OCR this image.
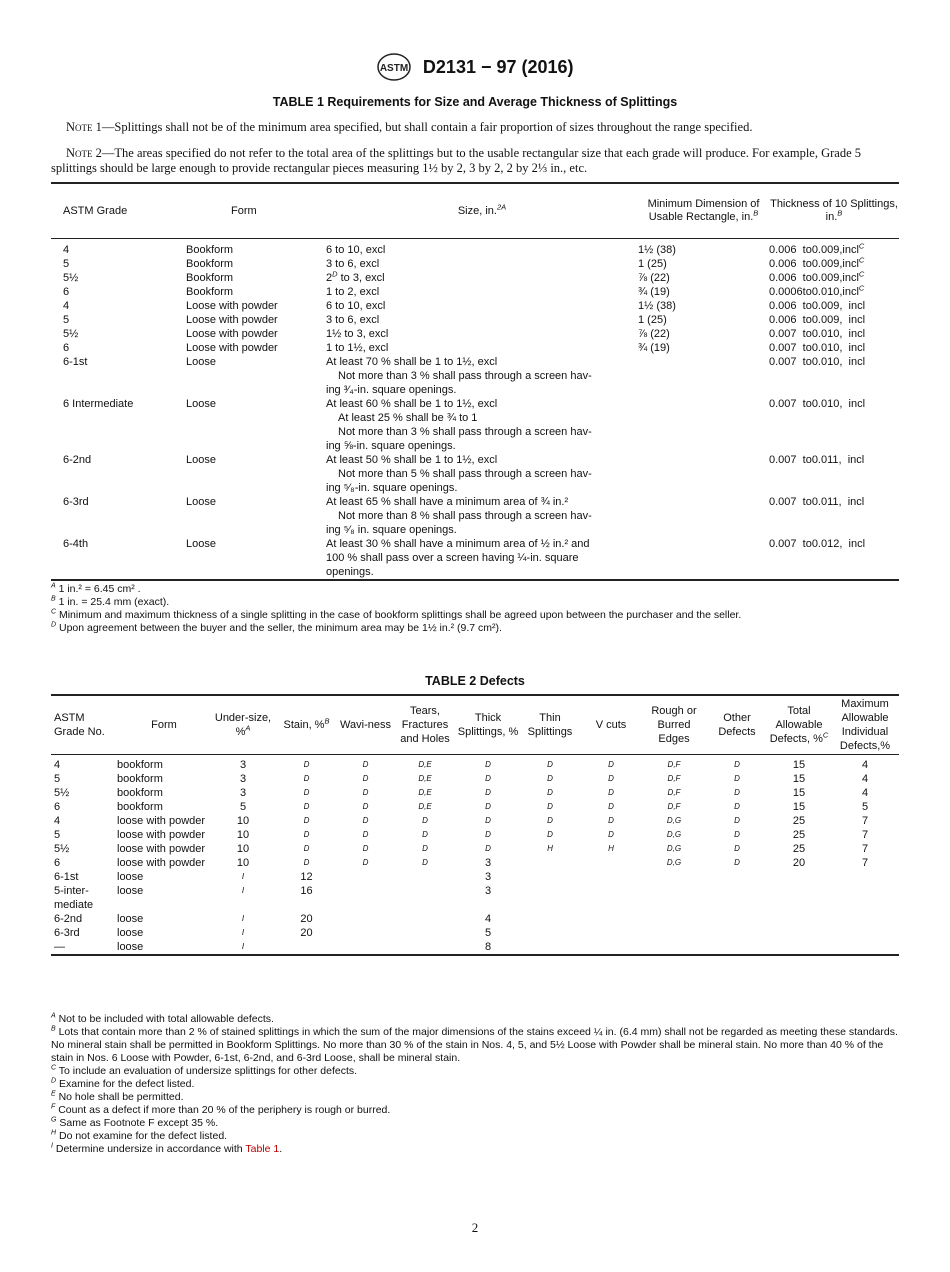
ASTM D2131 − 97 (2016)
TABLE 1 Requirements for Size and Average Thickness of Splittings
Note 1—Splittings shall not be of the minimum area specified, but shall contain a fair proportion of sizes throughout the range specified.
Note 2—The areas specified do not refer to the total area of the splittings but to the usable rectangular size that each grade will produce. For example, Grade 5 splittings should be large enough to provide rectangular pieces measuring 1½ by 2, 3 by 2, 2 by 2⅓ in., etc.
ASTM Grade	Form	Size, in.$^{2A}$	Minimum Dimension of Usable Rectangle, in.$^B$	Thickness of 10 Splittings, in.$^B$
4	Bookform	6 to 10, excl	1½ (38)	0.006  to0.009,incl$^C$
5	Bookform	3 to 6, excl	1 (25)	0.006  to0.009,incl$^C$
5½	Bookform	$2^D$ to 3, excl	⅞ (22)	0.006  to0.009,incl$^C$
6	Bookform	1 to 2, excl	¾ (19)	0.0006to0.010,incl$^C$
4	Loose with powder	6 to 10, excl	1½ (38)	0.006  to0.009,  incl
5	Loose with powder	3 to 6, excl	1 (25)	0.006  to0.009,  incl
5½	Loose with powder	1½ to 3, excl	⅞ (22)	0.007  to0.010,  incl
6	Loose with powder	1 to 1½, excl	¾ (19)	0.007  to0.010,  incl
6-1st	Loose	At least 70 % shall be 1 to 1½, excl
Not more than 3 % shall pass through a screen hav-
ing ³⁄₄-in. square openings.		0.007  to0.010,  incl
6 Intermediate	Loose	At least 60 % shall be 1 to 1½, excl
At least 25 % shall be ¾ to 1
Not more than 3 % shall pass through a screen hav-
ing ⅝-in. square openings.		0.007  to0.010,  incl
6-2nd	Loose	At least 50 % shall be 1 to 1½, excl
Not more than 5 % shall pass through a screen hav-
ing ⁵⁄₈-in. square openings.		0.007  to0.011,  incl
6-3rd	Loose	At least 65 % shall have a minimum area of ¾ in.²
Not more than 8 % shall pass through a screen hav-
ing ⁵⁄₈ in. square openings.		0.007  to0.011,  incl
6-4th	Loose	At least 30 % shall have a minimum area of ½ in.² and
100 % shall pass over a screen having ¼-in. square
openings.		0.007  to0.012,  incl

$^A$ 1 in.² = 6.45 cm² .

$^B$ 1 in. = 25.4 mm (exact).

$^C$ Minimum and maximum thickness of a single splitting in the case of bookform splittings shall be agreed upon between the purchaser and the seller.

$^D$ Upon agreement between the buyer and the seller, the minimum area may be 1½ in.² (9.7 cm²).

TABLE 2 Defects
ASTM Grade No.	Form	Under-size, %$^A$	Stain, %$^B$	Wavi-ness	Tears, Fractures and Holes	Thick Splittings, %	Thin Splittings	V cuts	Rough or Burred Edges	Other Defects	Total Allowable Defects, %$^C$	Maximum Allowable Individual Defects,%
4	bookform	3	D	D	D,E	D	D	D	D,F	D	15	4
5	bookform	3	D	D	D,E	D	D	D	D,F	D	15	4
5½	bookform	3	D	D	D,E	D	D	D	D,F	D	15	4
6	bookform	5	D	D	D,E	D	D	D	D,F	D	15	5
4	loose with powder	10	D	D	D	D	D	D	D,G	D	25	7
5	loose with powder	10	D	D	D	D	D	D	D,G	D	25	7
5½	loose with powder	10	D	D	D	D	H	H	D,G	D	25	7
6	loose with powder	10	D	D	D	3			D,G	D	20	7
6-1st	loose	I	12			3						
5-inter-mediate	loose	I	16			3						
6-2nd	loose	I	20			4						
6-3rd	loose	I	20			5						
—	loose	I				8						

$^A$ Not to be included with total allowable defects.

$^B$ Lots that contain more than 2 % of stained splittings in which the sum of the major dimensions of the stains exceed ¼ in. (6.4 mm) shall not be regarded as meeting these standards. No mineral stain shall be permitted in Bookform Splittings. No more than 30 % of the stain in Nos. 4, 5, and 5½ Loose with Powder shall be mineral stain. No more than 40 % of the stain in Nos. 6 Loose with Powder, 6-1st, 6-2nd, and 6-3rd Loose, shall be mineral stain.

$^C$ To include an evaluation of undersize splittings for other defects.

$^D$ Examine for the defect listed.

$^E$ No hole shall be permitted.

$^F$ Count as a defect if more than 20 % of the periphery is rough or burred.

$^G$ Same as Footnote F except 35 %.

$^H$ Do not examine for the defect listed.

$^I$ Determine undersize in accordance with Table 1.

2
